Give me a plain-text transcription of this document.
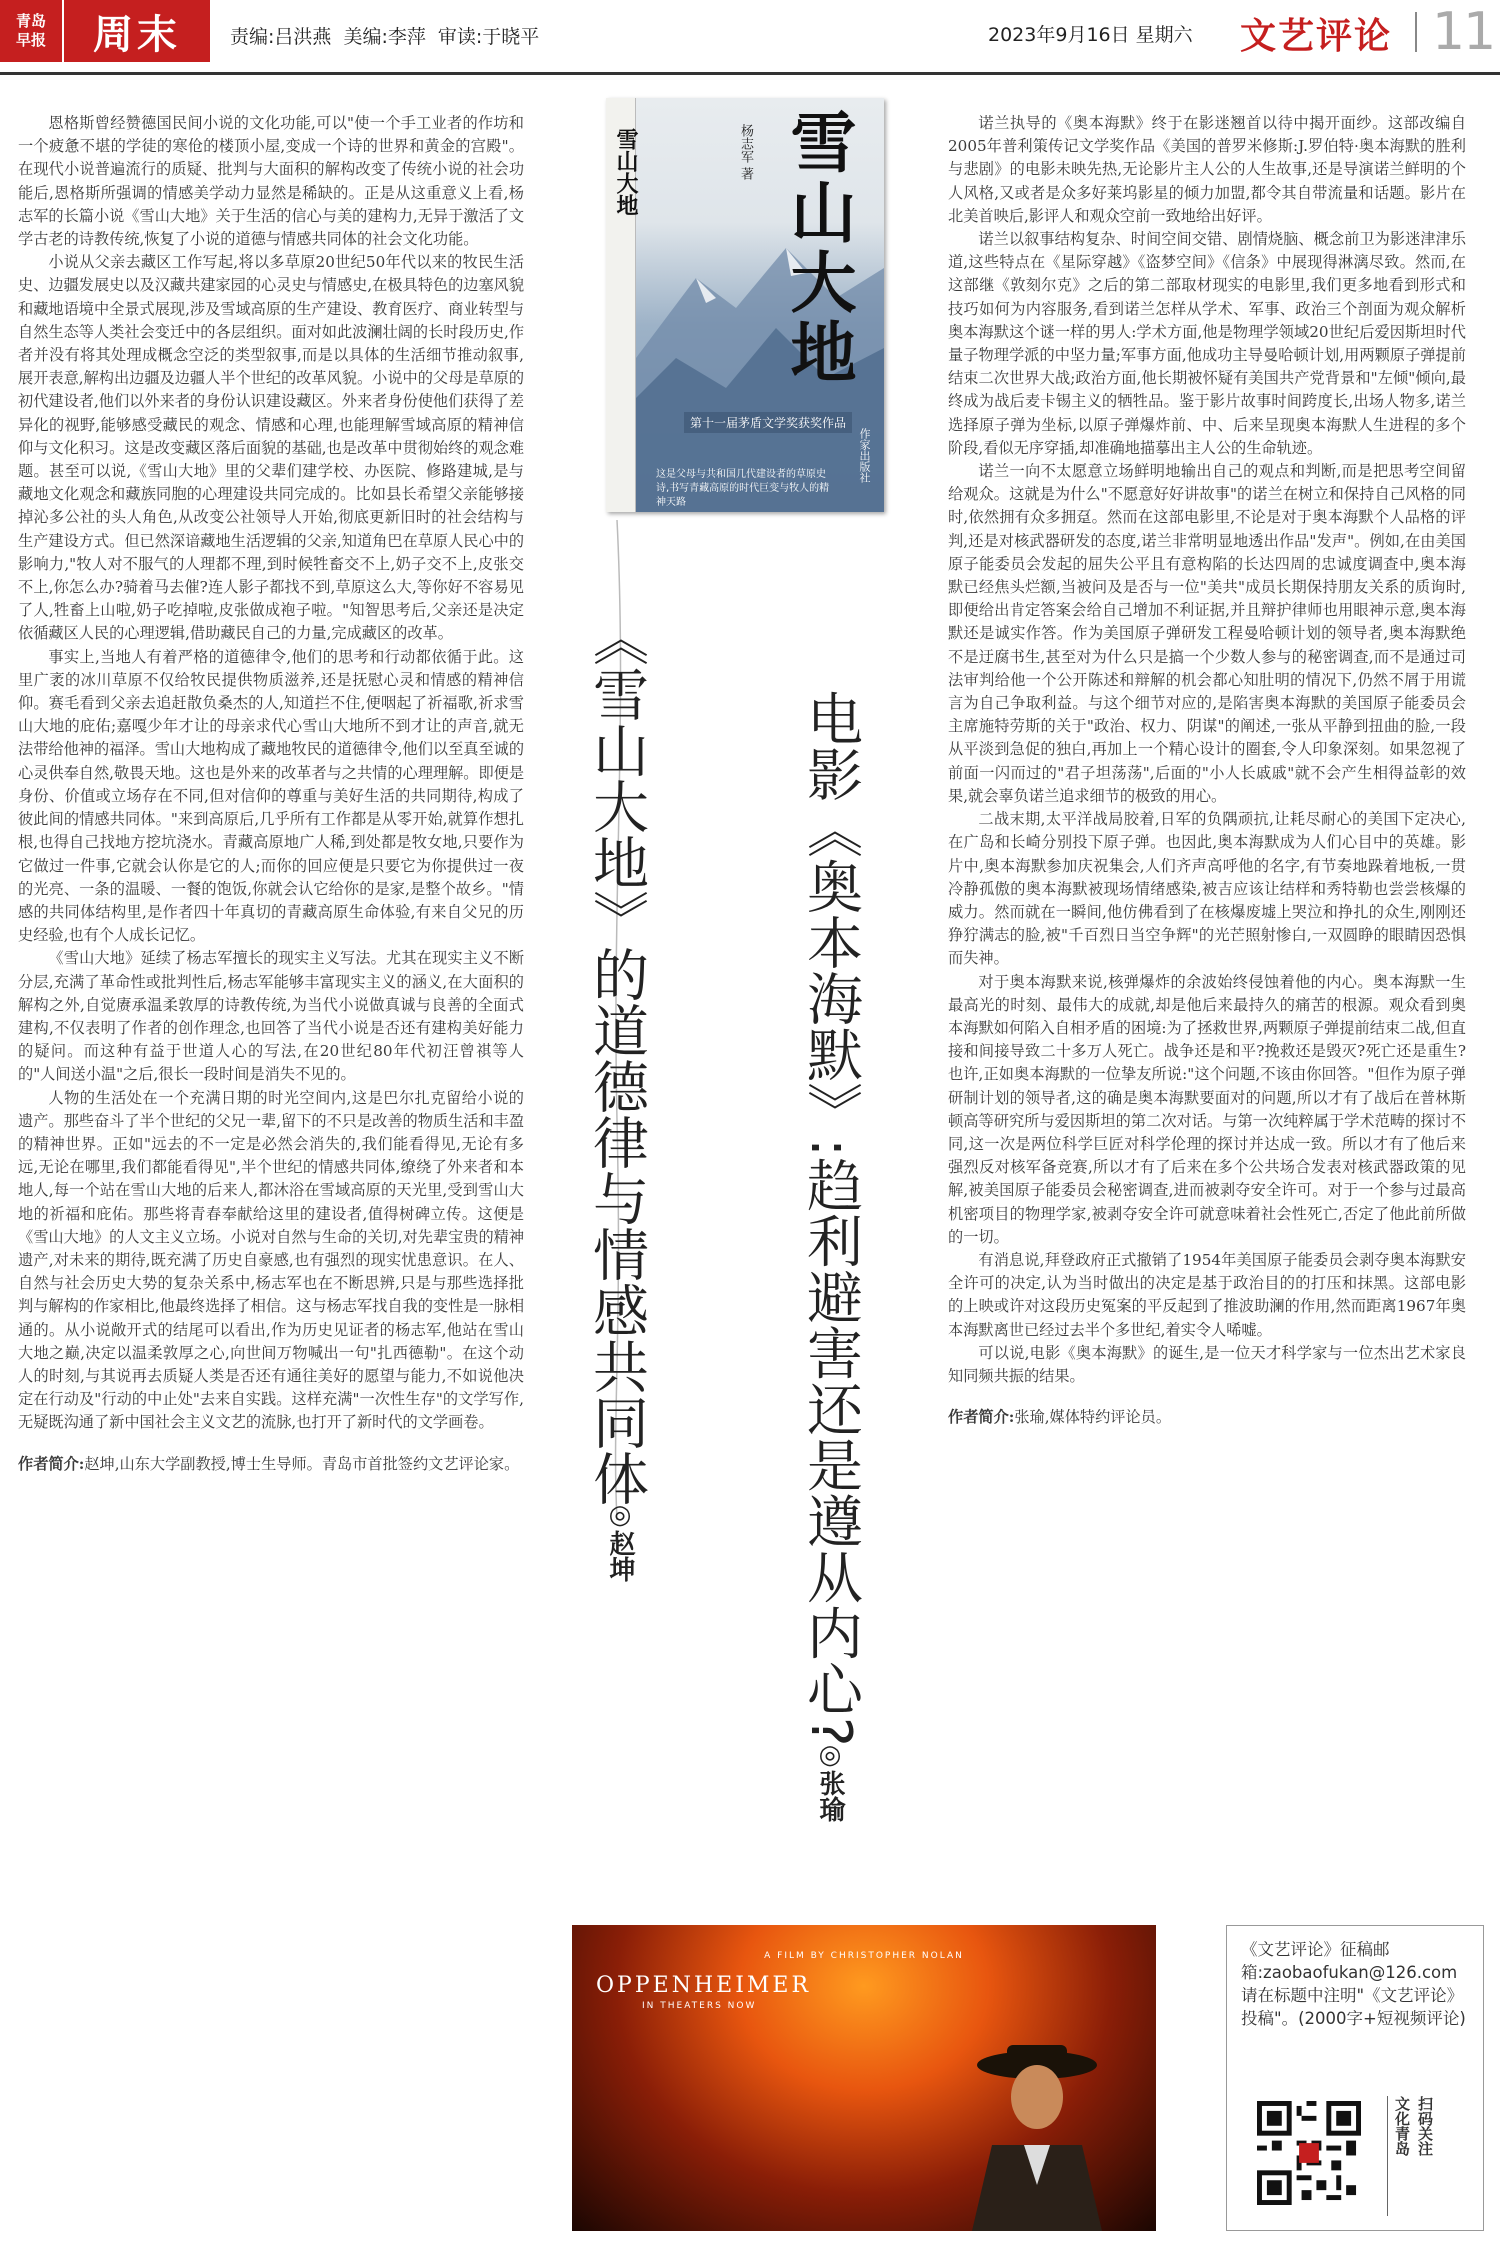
青岛
早报	周末	责编:吕洪燕 美编:李萍 审读:于晓平	2023年9月16日 星期六 文艺评论 11

恩格斯曾经赞德国民间小说的文化功能,可以"使一个手工业者的作坊和一个疲惫不堪的学徒的寒伧的楼顶小屋,变成一个诗的世界和黄金的宫殿"。在现代小说普遍流行的质疑、批判与大面积的解构改变了传统小说的社会功能后,恩格斯所强调的情感美学动力显然是稀缺的。正是从这重意义上看,杨志军的长篇小说《雪山大地》关于生活的信心与美的建构力,无异于激活了文学古老的诗教传统,恢复了小说的道德与情感共同体的社会文化功能。

小说从父亲去藏区工作写起,将以多草原20世纪50年代以来的牧民生活史、边疆发展史以及汉藏共建家园的心灵史与情感史,在极具特色的边塞风貌和藏地语境中全景式展现,涉及雪域高原的生产建设、教育医疗、商业转型与自然生态等人类社会变迁中的各层组织。面对如此波澜壮阔的长时段历史,作者并没有将其处理成概念空泛的类型叙事,而是以具体的生活细节推动叙事,展开表意,解构出边疆及边疆人半个世纪的改革风貌。小说中的父母是草原的初代建设者,他们以外来者的身份认识建设藏区。外来者身份使他们获得了差异化的视野,能够感受藏民的观念、情感和心理,也能理解雪域高原的精神信仰与文化积习。这是改变藏区落后面貌的基础,也是改革中贯彻始终的观念难题。甚至可以说,《雪山大地》里的父辈们建学校、办医院、修路建城,是与藏地文化观念和藏族同胞的心理建设共同完成的。比如县长希望父亲能够接掉沁多公社的头人角色,从改变公社领导人开始,彻底更新旧时的社会结构与生产建设方式。但已然深谙藏地生活逻辑的父亲,知道角巴在草原人民心中的影响力,"牧人对不服气的人理都不理,到时候牲畜交不上,奶子交不上,皮张交不上,你怎么办?骑着马去催?连人影子都找不到,草原这么大,等你好不容易见了人,牲畜上山啦,奶子吃掉啦,皮张做成袍子啦。"知智思考后,父亲还是决定依循藏区人民的心理逻辑,借助藏民自己的力量,完成藏区的改革。

事实上,当地人有着严格的道德律令,他们的思考和行动都依循于此。这里广袤的冰川草原不仅给牧民提供物质滋养,还是抚慰心灵和情感的精神信仰。赛毛看到父亲去追赶散负桑杰的人,知道拦不住,便咽起了祈福歌,祈求雪山大地的庇佑;嘉嘎少年才让的母亲求代心雪山大地所不到才让的声音,就无法带给他神的福泽。雪山大地构成了藏地牧民的道德律令,他们以至真至诚的心灵供奉自然,敬畏天地。这也是外来的改革者与之共情的心理理解。即便是身份、价值或立场存在不同,但对信仰的尊重与美好生活的共同期待,构成了彼此间的情感共同体。"来到高原后,几乎所有工作都是从零开始,就算作想扎根,也得自己找地方挖坑浇水。青藏高原地广人稀,到处都是牧女地,只要作为它做过一件事,它就会认你是它的人;而你的回应便是只要它为你提供过一夜的光亮、一条的温暖、一餐的饱饭,你就会认它给你的是家,是整个故乡。"情感的共同体结构里,是作者四十年真切的青藏高原生命体验,有来自父兄的历史经验,也有个人成长记忆。

《雪山大地》延续了杨志军擅长的现实主义写法。尤其在现实主义不断分层,充满了革命性或批判性后,杨志军能够丰富现实主义的涵义,在大面积的解构之外,自觉赓承温柔敦厚的诗教传统,为当代小说做真诚与良善的全面式建构,不仅表明了作者的创作理念,也回答了当代小说是否还有建构美好能力的疑问。而这种有益于世道人心的写法,在20世纪80年代初汪曾祺等人的"人间送小温"之后,很长一段时间是消失不见的。

人物的生活处在一个充满日期的时光空间内,这是巴尔扎克留给小说的遗产。那些奋斗了半个世纪的父兄一辈,留下的不只是改善的物质生活和丰盈的精神世界。正如"远去的不一定是必然会消失的,我们能看得见,无论有多远,无论在哪里,我们都能看得见",半个世纪的情感共同体,缭绕了外来者和本地人,每一个站在雪山大地的后来人,都沐浴在雪域高原的天光里,受到雪山大地的祈福和庇佑。那些将青春奉献给这里的建设者,值得树碑立传。这便是《雪山大地》的人文主义立场。小说对自然与生命的关切,对先辈宝贵的精神遗产,对未来的期待,既充满了历史自豪感,也有强烈的现实忧患意识。在人、自然与社会历史大势的复杂关系中,杨志军也在不断思辨,只是与那些选择批判与解构的作家相比,他最终选择了相信。这与杨志军找自我的变性是一脉相通的。从小说敞开式的结尾可以看出,作为历史见证者的杨志军,他站在雪山大地之巅,决定以温柔敦厚之心,向世间万物喊出一句"扎西德勒"。在这个动人的时刻,与其说再去质疑人类是否还有通往美好的愿望与能力,不如说他决定在行动及"行动的中止处"去来自实践。这样充满"一次性生存"的文学写作,无疑既沟通了新中国社会主义文艺的流脉,也打开了新时代的文学画卷。

作者简介:赵坤,山东大学副教授,博士生导师。青岛市首批签约文艺评论家。

雪山大地 雪山大地
杨志军 著
第十一届茅盾文学奖获奖作品
这是父母与共和国几代建设者的草原史诗,书写青藏高原的时代巨变与牧人的精神天路
作家出版社
《雪山大地》的道德律与情感共同体
◎赵坤	电影《奥本海默》:趋利避害还是遵从内心?
◎张瑜

诺兰执导的《奥本海默》终于在影迷翘首以待中揭开面纱。这部改编自2005年普利策传记文学奖作品《美国的普罗米修斯:J.罗伯特·奥本海默的胜利与悲剧》的电影未映先热,无论影片主人公的人生故事,还是导演诺兰鲜明的个人风格,又或者是众多好莱坞影星的倾力加盟,都令其自带流量和话题。影片在北美首映后,影评人和观众空前一致地给出好评。

诺兰以叙事结构复杂、时间空间交错、剧情烧脑、概念前卫为影迷津津乐道,这些特点在《星际穿越》《盗梦空间》《信条》中展现得淋漓尽致。然而,在这部继《敦刻尔克》之后的第二部取材现实的电影里,我们更多地看到形式和技巧如何为内容服务,看到诺兰怎样从学术、军事、政治三个剖面为观众解析奥本海默这个谜一样的男人:学术方面,他是物理学领域20世纪后爱因斯坦时代量子物理学派的中坚力量;军事方面,他成功主导曼哈顿计划,用两颗原子弹提前结束二次世界大战;政治方面,他长期被怀疑有美国共产党背景和"左倾"倾向,最终成为战后麦卡锡主义的牺牲品。鉴于影片故事时间跨度长,出场人物多,诺兰选择原子弹为坐标,以原子弹爆炸前、中、后来呈现奥本海默人生进程的多个阶段,看似无序穿插,却准确地描摹出主人公的生命轨迹。

诺兰一向不太愿意立场鲜明地输出自己的观点和判断,而是把思考空间留给观众。这就是为什么"不愿意好好讲故事"的诺兰在树立和保持自己风格的同时,依然拥有众多拥趸。然而在这部电影里,不论是对于奥本海默个人品格的评判,还是对核武器研发的态度,诺兰非常明显地透出作品"发声"。例如,在由美国原子能委员会发起的屈失公平且有意构陷的长达四周的忠诚度调查中,奥本海默已经焦头烂额,当被问及是否与一位"美共"成员长期保持朋友关系的质询时,即便给出肯定答案会给自己增加不利证据,并且辩护律师也用眼神示意,奥本海默还是诚实作答。作为美国原子弹研发工程曼哈顿计划的领导者,奥本海默绝不是迂腐书生,甚至对为什么只是搞一个少数人参与的秘密调查,而不是通过司法审判给他一个公开陈述和辩解的机会都心知肚明的情况下,仍然不屑于用谎言为自己争取利益。与这个细节对应的,是陷害奥本海默的美国原子能委员会主席施特劳斯的关于"政治、权力、阴谋"的阐述,一张从平静到扭曲的脸,一段从平淡到急促的独白,再加上一个精心设计的圈套,令人印象深刻。如果忽视了前面一闪而过的"君子坦荡荡",后面的"小人长戚戚"就不会产生相得益彰的效果,就会辜负诺兰追求细节的极致的用心。

二战末期,太平洋战局胶着,日军的负隅顽抗,让耗尽耐心的美国下定决心,在广岛和长崎分别投下原子弹。也因此,奥本海默成为人们心目中的英雄。影片中,奥本海默参加庆祝集会,人们齐声高呼他的名字,有节奏地跺着地板,一贯冷静孤傲的奥本海默被现场情绪感染,被吉应该让结样和秀特勒也尝尝核爆的威力。然而就在一瞬间,他仿佛看到了在核爆废墟上哭泣和挣扎的众生,刚刚还狰狞满志的脸,被"千百烈日当空争辉"的光芒照射惨白,一双圆睁的眼睛因恐惧而失神。

对于奥本海默来说,核弹爆炸的余波始终侵蚀着他的内心。奥本海默一生最高光的时刻、最伟大的成就,却是他后来最持久的痛苦的根源。观众看到奥本海默如何陷入自相矛盾的困境:为了拯救世界,两颗原子弹提前结束二战,但直接和间接导致二十多万人死亡。战争还是和平?挽救还是毁灭?死亡还是重生?也许,正如奥本海默的一位挚友所说:"这个问题,不该由你回答。"但作为原子弹研制计划的领导者,这的确是奥本海默要面对的问题,所以才有了战后在普林斯顿高等研究所与爱因斯坦的第二次对话。与第一次纯粹属于学术范畴的探讨不同,这一次是两位科学巨匠对科学伦理的探讨并达成一致。所以才有了他后来强烈反对核军备竞赛,所以才有了后来在多个公共场合发表对核武器政策的见解,被美国原子能委员会秘密调查,进而被剥夺安全许可。对于一个参与过最高机密项目的物理学家,被剥夺安全许可就意味着社会性死亡,否定了他此前所做的一切。

有消息说,拜登政府正式撤销了1954年美国原子能委员会剥夺奥本海默安全许可的决定,认为当时做出的决定是基于政治目的的打压和抹黑。这部电影的上映或许对这段历史冤案的平反起到了推波助澜的作用,然而距离1967年奥本海默离世已经过去半个多世纪,着实令人唏嘘。

可以说,电影《奥本海默》的诞生,是一位天才科学家与一位杰出艺术家良知同频共振的结果。

作者简介:张瑜,媒体特约评论员。

A FILM BY CHRISTOPHER NOLAN
OPPENHEIMER
IN THEATERS NOW
《文艺评论》征稿邮箱:zaobaofukan@126.com 请在标题中注明"《文艺评论》投稿"。(2000字+短视频评论)
文化青岛 扫码关注
